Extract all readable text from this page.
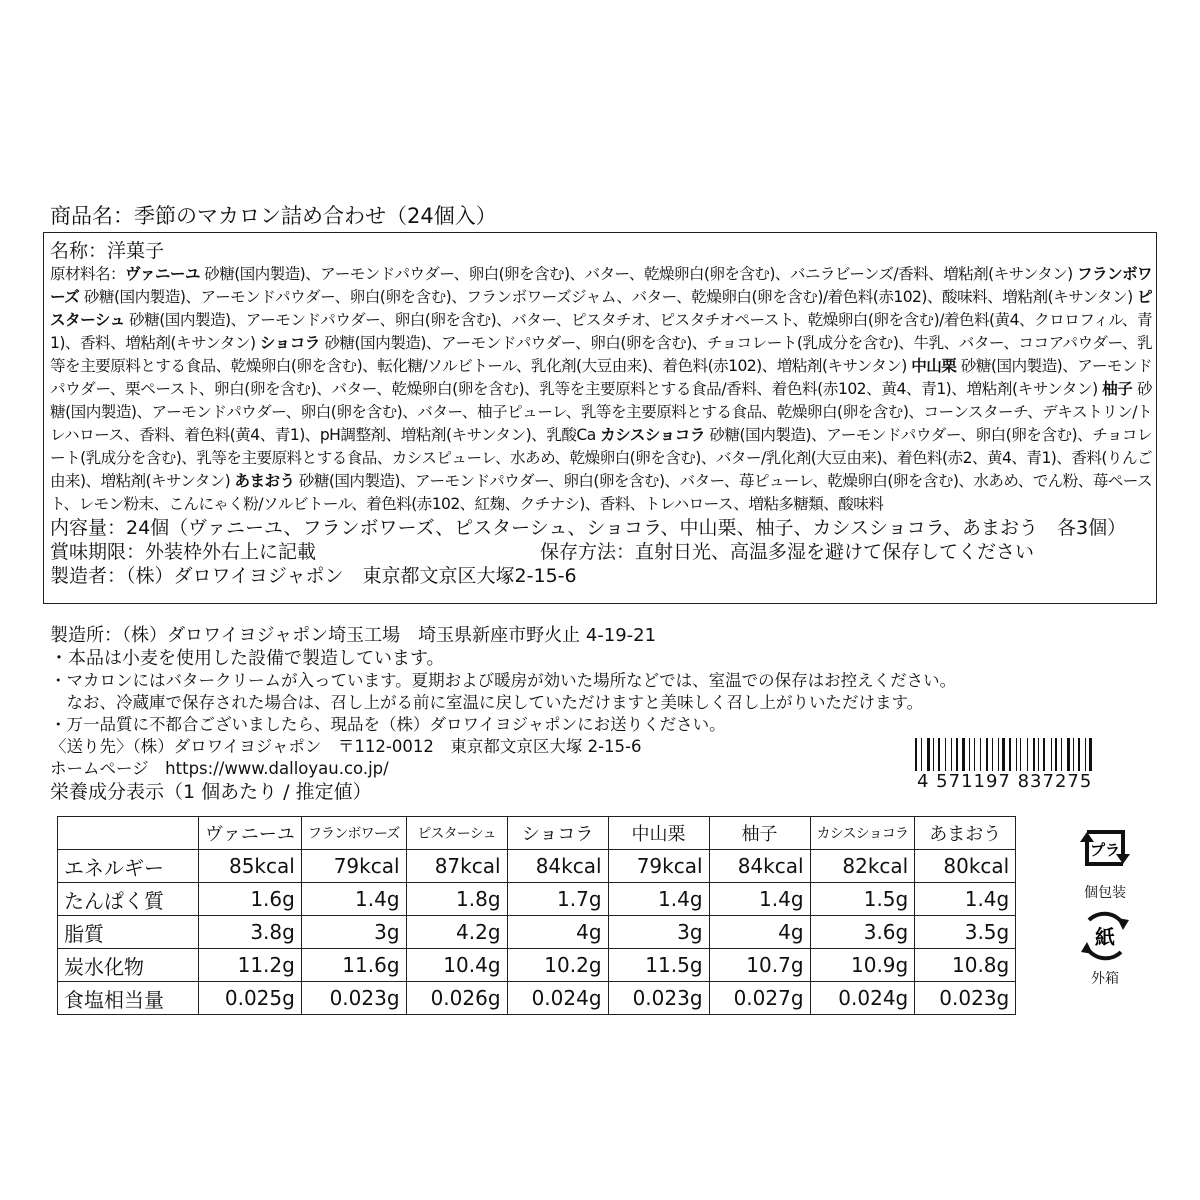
商品名：季節のマカロン詰め合わせ（24個入）
名称：洋菓子
原材料名：ヴァニーユ 砂糖(国内製造)、アーモンドパウダー、卵白(卵を含む)、バター、乾燥卵白(卵を含む)、バニラビーンズ/香料、増粘剤(キサンタン) フランボワーズ 砂糖(国内製造)、アーモンドパウダー、卵白(卵を含む)、フランボワーズジャム、バター、乾燥卵白(卵を含む)/着色料(赤102)、酸味料、増粘剤(キサンタン) ピスターシュ 砂糖(国内製造)、アーモンドパウダー、卵白(卵を含む)、バター、ピスタチオ、ピスタチオペースト、乾燥卵白(卵を含む)/着色料(黄4、クロロフィル、青1)、香料、増粘剤(キサンタン) ショコラ 砂糖(国内製造)、アーモンドパウダー、卵白(卵を含む)、チョコレート(乳成分を含む)、牛乳、バター、ココアパウダー、乳等を主要原料とする食品、乾燥卵白(卵を含む)、転化糖/ソルビトール、乳化剤(大豆由来)、着色料(赤102)、増粘剤(キサンタン) 中山栗 砂糖(国内製造)、アーモンドパウダー、栗ペースト、卵白(卵を含む)、バター、乾燥卵白(卵を含む)、乳等を主要原料とする食品/香料、着色料(赤102、黄4、青1)、増粘剤(キサンタン) 柚子 砂糖(国内製造)、アーモンドパウダー、卵白(卵を含む)、バター、柚子ピューレ、乳等を主要原料とする食品、乾燥卵白(卵を含む)、コーンスターチ、デキストリン/トレハロース、香料、着色料(黄4、青1)、pH調整剤、増粘剤(キサンタン)、乳酸Ca カシスショコラ 砂糖(国内製造)、アーモンドパウダー、卵白(卵を含む)、チョコレート(乳成分を含む)、乳等を主要原料とする食品、カシスピューレ、水あめ、乾燥卵白(卵を含む)、バター/乳化剤(大豆由来)、着色料(赤2、黄4、青1)、香料(りんご由来)、増粘剤(キサンタン) あまおう 砂糖(国内製造)、アーモンドパウダー、卵白(卵を含む)、バター、苺ピューレ、乾燥卵白(卵を含む)、水あめ、でん粉、苺ペースト、レモン粉末、こんにゃく粉/ソルビトール、着色料(赤102、紅麹、クチナシ)、香料、トレハロース、増粘多糖類、酸味料
内容量：24個（ヴァニーユ、フランボワーズ、ピスターシュ、ショコラ、中山栗、柚子、カシスショコラ、あまおう　各3個）
賞味期限：外装枠外右上に記載	保存方法：直射日光、高温多湿を避けて保存してください
製造者：（株）ダロワイヨジャポン　東京都文京区大塚2-15-6
製造所：（株）ダロワイヨジャポン埼玉工場　埼玉県新座市野火止 4-19-21
・本品は小麦を使用した設備で製造しています。
・マカロンにはバタークリームが入っています。夏期および暖房が効いた場所などでは、室温での保存はお控えください。
　なお、冷蔵庫で保存された場合は、召し上がる前に室温に戻していただけますと美味しく召し上がりいただけます。
・万一品質に不都合ございましたら、現品を（株）ダロワイヨジャポンにお送りください。
〈送り先〉（株）ダロワイヨジャポン　〒112-0012　東京都文京区大塚 2-15-6
ホームページ　https://www.dalloyau.co.jp/
栄養成分表示（1 個あたり / 推定値）	4 571197 837275
	ヴァニーユ	フランボワーズ	ピスターシュ	ショコラ	中山栗	柚子	カシスショコラ	あまおう
エネルギー	85kcal	79kcal	87kcal	84kcal	79kcal	84kcal	82kcal	80kcal
たんぱく質	1.6g	1.4g	1.8g	1.7g	1.4g	1.4g	1.5g	1.4g
脂質	3.8g	3g	4.2g	4g	3g	4g	3.6g	3.5g
炭水化物	11.2g	11.6g	10.4g	10.2g	11.5g	10.7g	10.9g	10.8g
食塩相当量	0.025g	0.023g	0.026g	0.024g	0.023g	0.027g	0.024g	0.023g
プラ
個包装
紙
外箱
